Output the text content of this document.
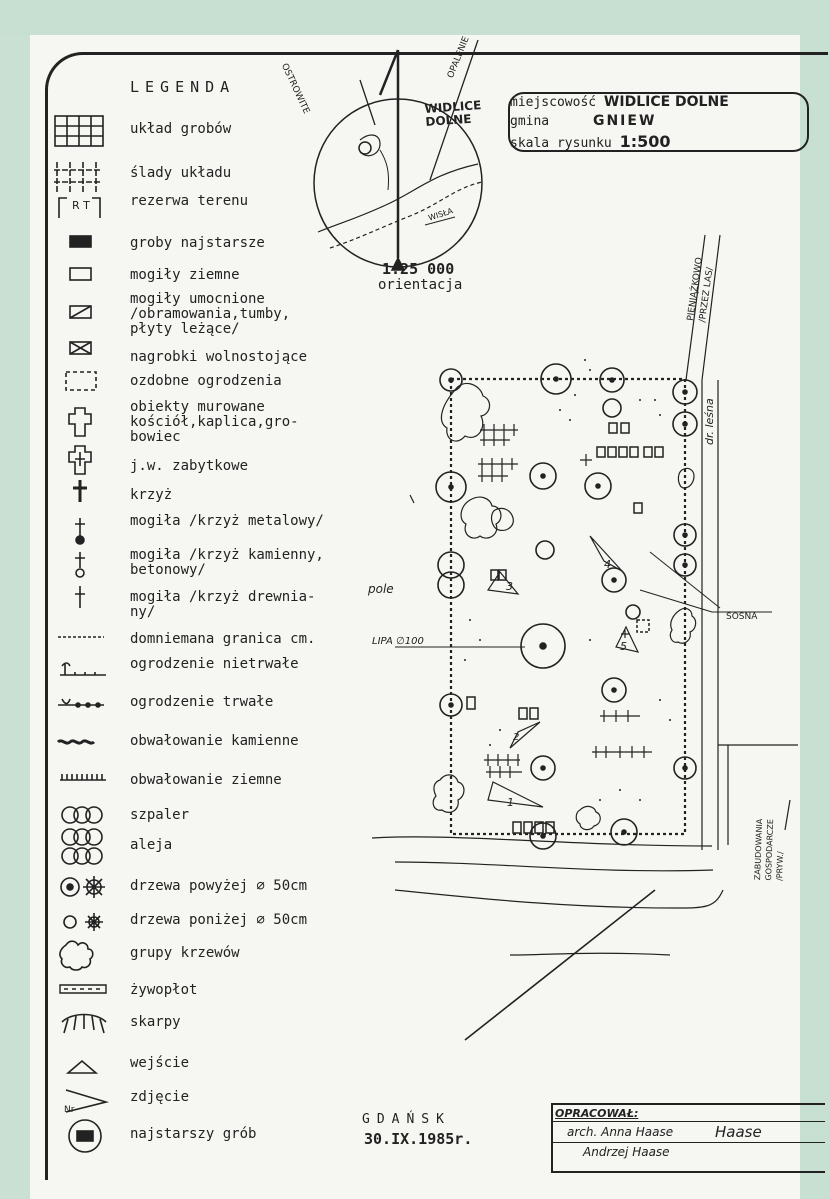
LEGENDA
układ grobów
ślady układu
rezerwa terenu
groby najstarsze
mogiły ziemne
mogiły umocnione
/obramowania,tumby,
płyty leżące/
nagrobki wolnostojące
ozdobne ogrodzenia
obiekty murowane
kościół,kaplica,gro-
bowiec
j.w. zabytkowe
krzyż
mogiła /krzyż metalowy/
mogiła /krzyż kamienny,
betonowy/
mogiła /krzyż drewnia-
ny/
domniemana granica cm.
ogrodzenie nietrwałe
ogrodzenie trwałe
obwałowanie kamienne
obwałowanie ziemne
szpaler
aleja
drzewa powyżej ∅ 50cm
drzewa poniżej ∅ 50cm
grupy krzewów
żywopłot
skarpy
wejście
zdjęcie
najstarszy grób
miejscowość WIDLICE DOLNE
gmina	GNIEW
skala rysunku 1:500
R T
Nr
WIDLICE
DOLNE
OSTROWITE
OPALENIE
WISŁA
1:25 000
orientacja
pole
LIPA ∅100
SOSNA
PIENIĄŻKOWO
/PRZEZ LAS/
dr. leśna
ZABUDOWANIA
GOSPODARCZE
/PRYW./
1
2
3
4
5
GDAŃSK
30.IX.1985r.
OPRACOWAŁ:
arch. Anna Haase	Haase
Andrzej Haase
